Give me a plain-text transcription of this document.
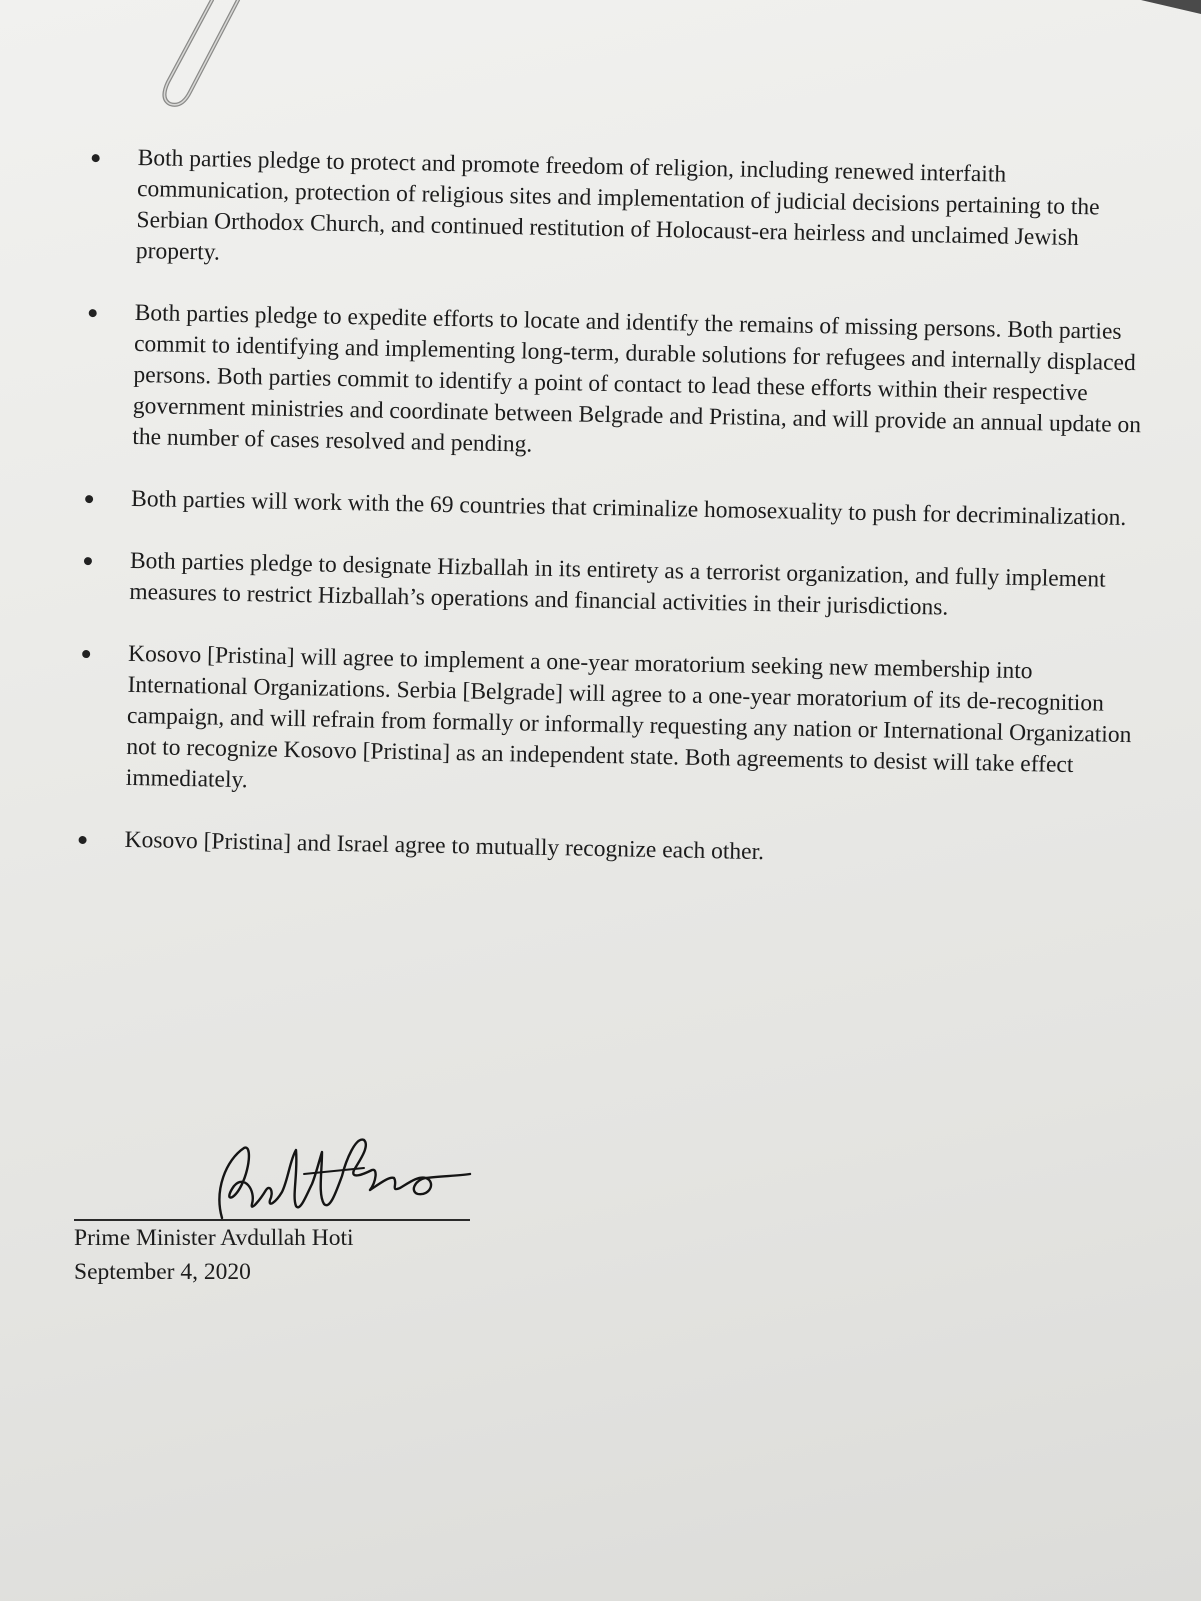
Both parties pledge to protect and promote freedom of religion, including renewed interfaith communication, protection of religious sites and implementation of judicial decisions pertaining to the Serbian Orthodox Church, and continued restitution of Holocaust-era heirless and unclaimed Jewish property.
Both parties pledge to expedite efforts to locate and identify the remains of missing persons. Both parties commit to identifying and implementing long-term, durable solutions for refugees and internally displaced persons. Both parties commit to identify a point of contact to lead these efforts within their respective government ministries and coordinate between Belgrade and Pristina, and will provide an annual update on the number of cases resolved and pending.
Both parties will work with the 69 countries that criminalize homosexuality to push for decriminalization.
Both parties pledge to designate Hizballah in its entirety as a terrorist organization, and fully implement measures to restrict Hizballah’s operations and financial activities in their jurisdictions.
Kosovo [Pristina] will agree to implement a one-year moratorium seeking new membership into International Organizations. Serbia [Belgrade] will agree to a one-year moratorium of its de-recognition campaign, and will refrain from formally or informally requesting any nation or International Organization not to recognize Kosovo [Pristina] as an independent state. Both agreements to desist will take effect immediately.
Kosovo [Pristina] and Israel agree to mutually recognize each other.
Prime Minister Avdullah Hoti
September 4, 2020
